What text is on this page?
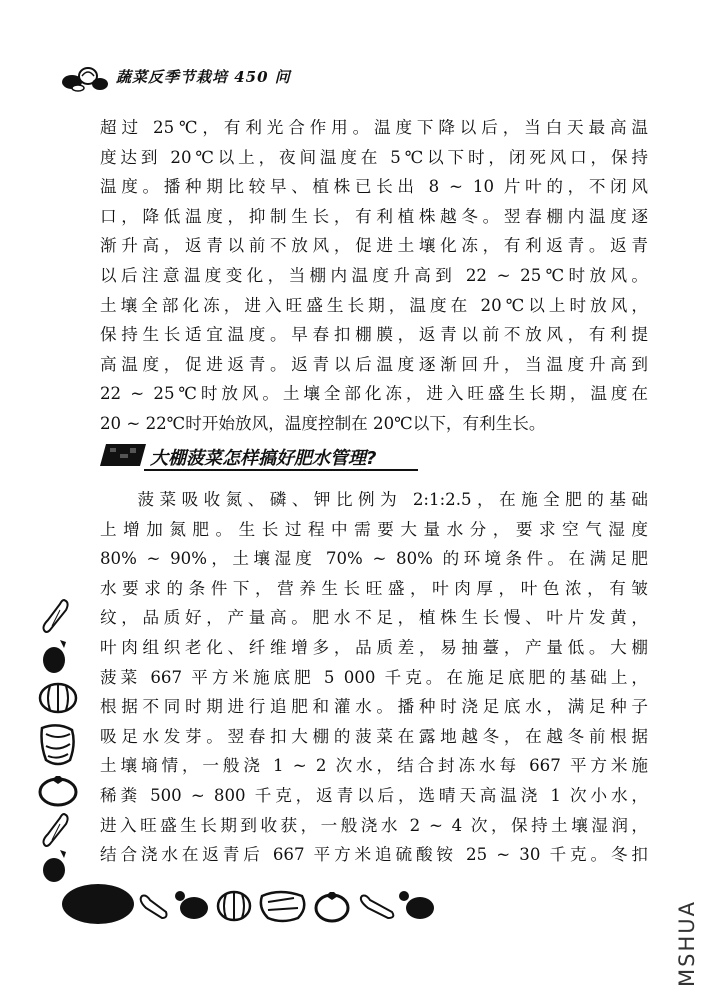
蔬菜反季节栽培 450 问
超过 25℃，有利光合作用。温度下降以后，当白天最高温
度达到 20℃以上，夜间温度在 5℃以下时，闭死风口，保持
温度。播种期比较早、植株已长出 8 ~ 10 片叶的，不闭风
口，降低温度，抑制生长，有利植株越冬。翌春棚内温度逐
渐升高，返青以前不放风，促进土壤化冻，有利返青。返青
以后注意温度变化，当棚内温度升高到 22 ~ 25℃时放风。
土壤全部化冻，进入旺盛生长期，温度在 20℃以上时放风，
保持生长适宜温度。早春扣棚膜，返青以前不放风，有利提
高温度，促进返青。返青以后温度逐渐回升，当温度升高到
22 ~ 25℃时放风。土壤全部化冻，进入旺盛生长期，温度在
20 ~ 22℃时开始放风，温度控制在 20℃以下，有利生长。
大棚菠菜怎样搞好肥水管理?
菠菜吸收氮、磷、钾比例为 2:1:2.5，在施全肥的基础
上增加氮肥。生长过程中需要大量水分，要求空气湿度
80% ~ 90%，土壤湿度 70% ~ 80% 的环境条件。在满足肥
水要求的条件下，营养生长旺盛，叶肉厚，叶色浓，有皱
纹，品质好，产量高。肥水不足，植株生长慢、叶片发黄，
叶肉组织老化、纤维增多，品质差，易抽薹，产量低。大棚
菠菜 667 平方米施底肥 5 000 千克。在施足底肥的基础上，
根据不同时期进行追肥和灌水。播种时浇足底水，满足种子
吸足水发芽。翌春扣大棚的菠菜在露地越冬，在越冬前根据
土壤墒情，一般浇 1 ~ 2 次水，结合封冻水每 667 平方米施
稀粪 500 ~ 800 千克，返青以后，选晴天高温浇 1 次小水，
进入旺盛生长期到收获，一般浇水 2 ~ 4 次，保持土壤湿润，
结合浇水在返青后 667 平方米追硫酸铵 25 ~ 30 千克。冬扣
MSHUA
